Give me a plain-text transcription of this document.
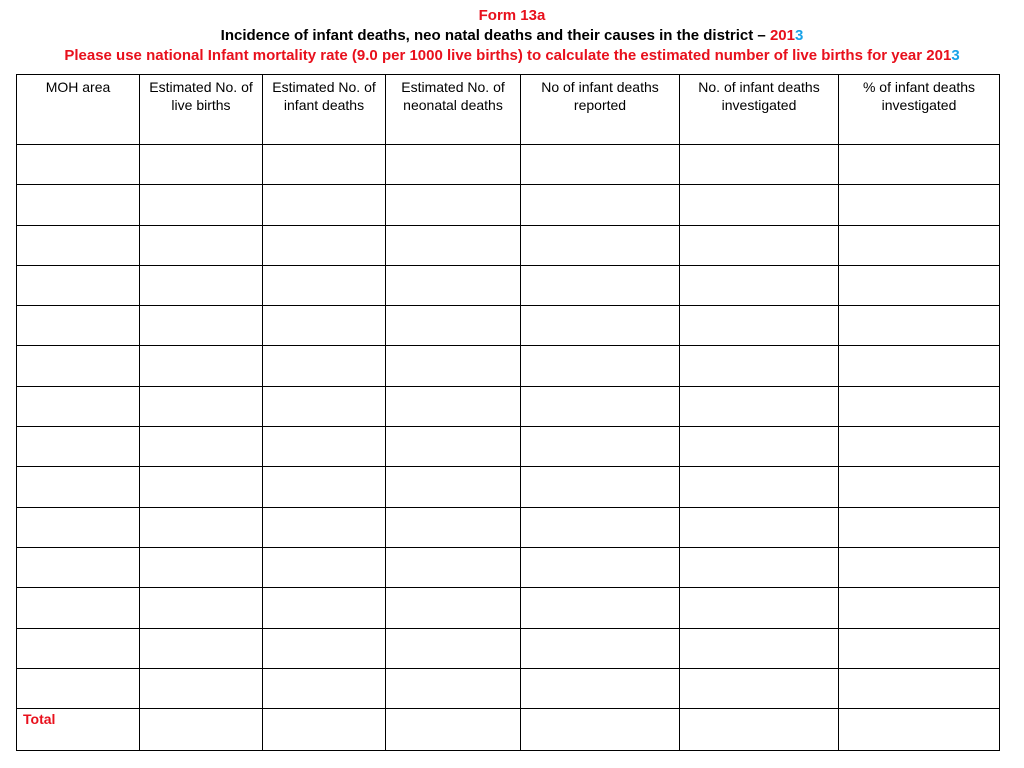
Form 13a
Incidence of infant deaths, neo natal deaths and their causes in the district – 2013
Please use national Infant mortality rate (9.0 per 1000 live births) to calculate the estimated number of live births for year 2013
MOH area	Estimated No. of live births	Estimated No. of infant deaths	Estimated No. of neonatal deaths	No of infant deaths reported	No. of infant deaths investigated	% of infant deaths investigated

Total						
